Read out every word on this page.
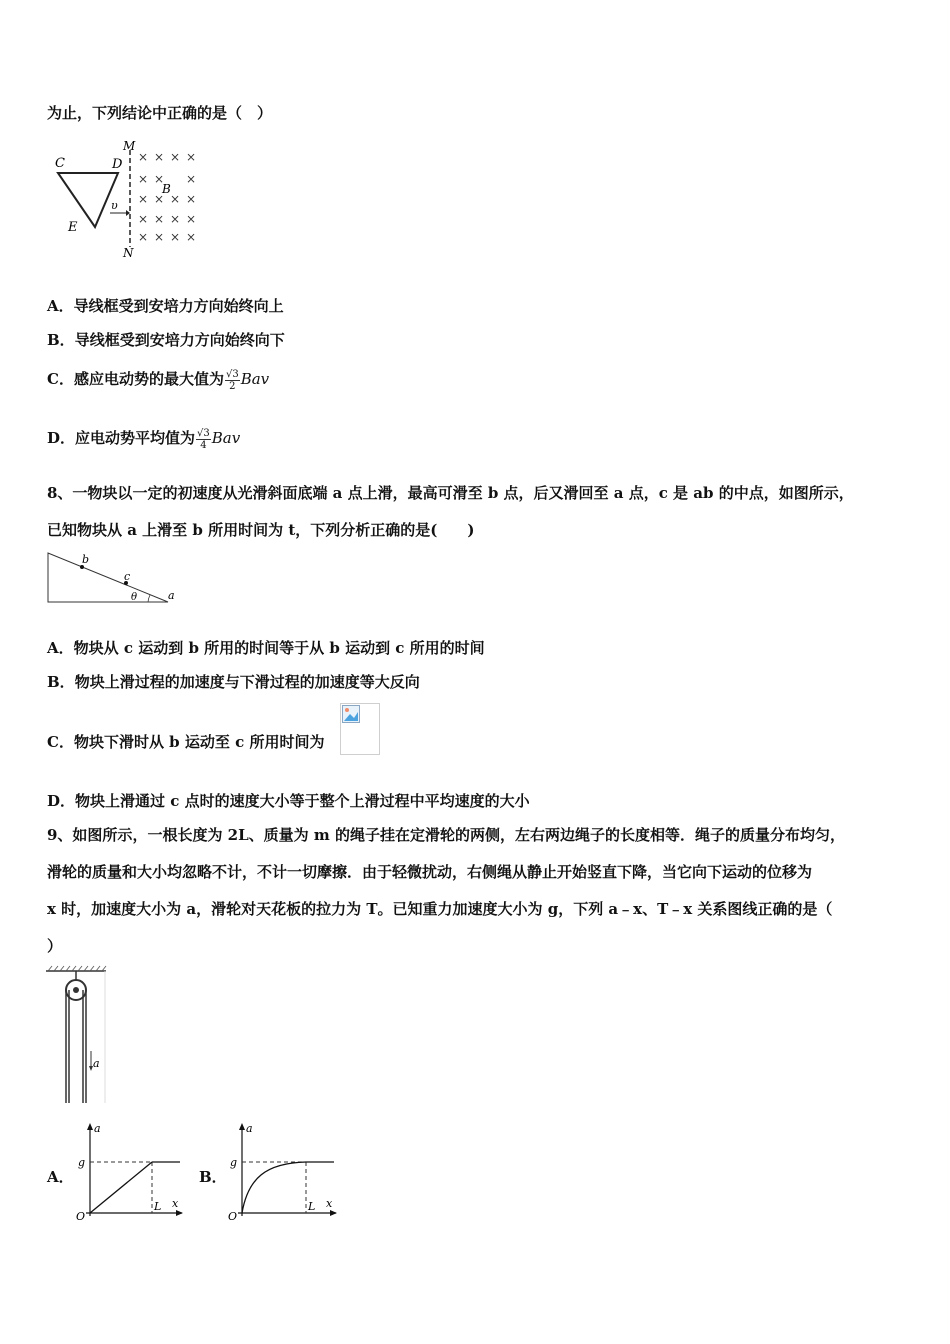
为止，下列结论中正确的是（　）
C	D
E
M
N
B
υ
× × × ×
× × ×
× × × ×
× × × ×
× × × ×
A．导线框受到安培力方向始终向上
B．导线框受到安培力方向始终向下
C．感应电动势的最大值为 $\frac{√3}{2}$ Bav
D．应电动势平均值为 $\frac{√3}{4}$ Bav
8、一物块以一定的初速度从光滑斜面底端 a 点上滑，最高可滑至 b 点，后又滑回至 a 点，c 是 ab 的中点，如图所示，
已知物块从 a 上滑至 b 所用时间为 t，下列分析正确的是(　　)
b
c
θ	a
A．物块从 c 运动到 b 所用的时间等于从 b 运动到 c 所用的时间
B．物块上滑过程的加速度与下滑过程的加速度等大反向
C．物块下滑时从 b 运动至 c 所用时间为
D．物块上滑通过 c 点时的速度大小等于整个上滑过程中平均速度的大小
9、如图所示，一根长度为 2L、质量为 m 的绳子挂在定滑轮的两侧，左右两边绳子的长度相等．绳子的质量分布均匀，
滑轮的质量和大小均忽略不计，不计一切摩擦．由于轻微扰动，右侧绳从静止开始竖直下降，当它向下运动的位移为
x 时，加速度大小为 a，滑轮对天花板的拉力为 T。已知重力加速度大小为 g，下列 a﹣x、T﹣x 关系图线正确的是（
）
a
A．
a
g
O
L x
B．
a
g
O
L x
